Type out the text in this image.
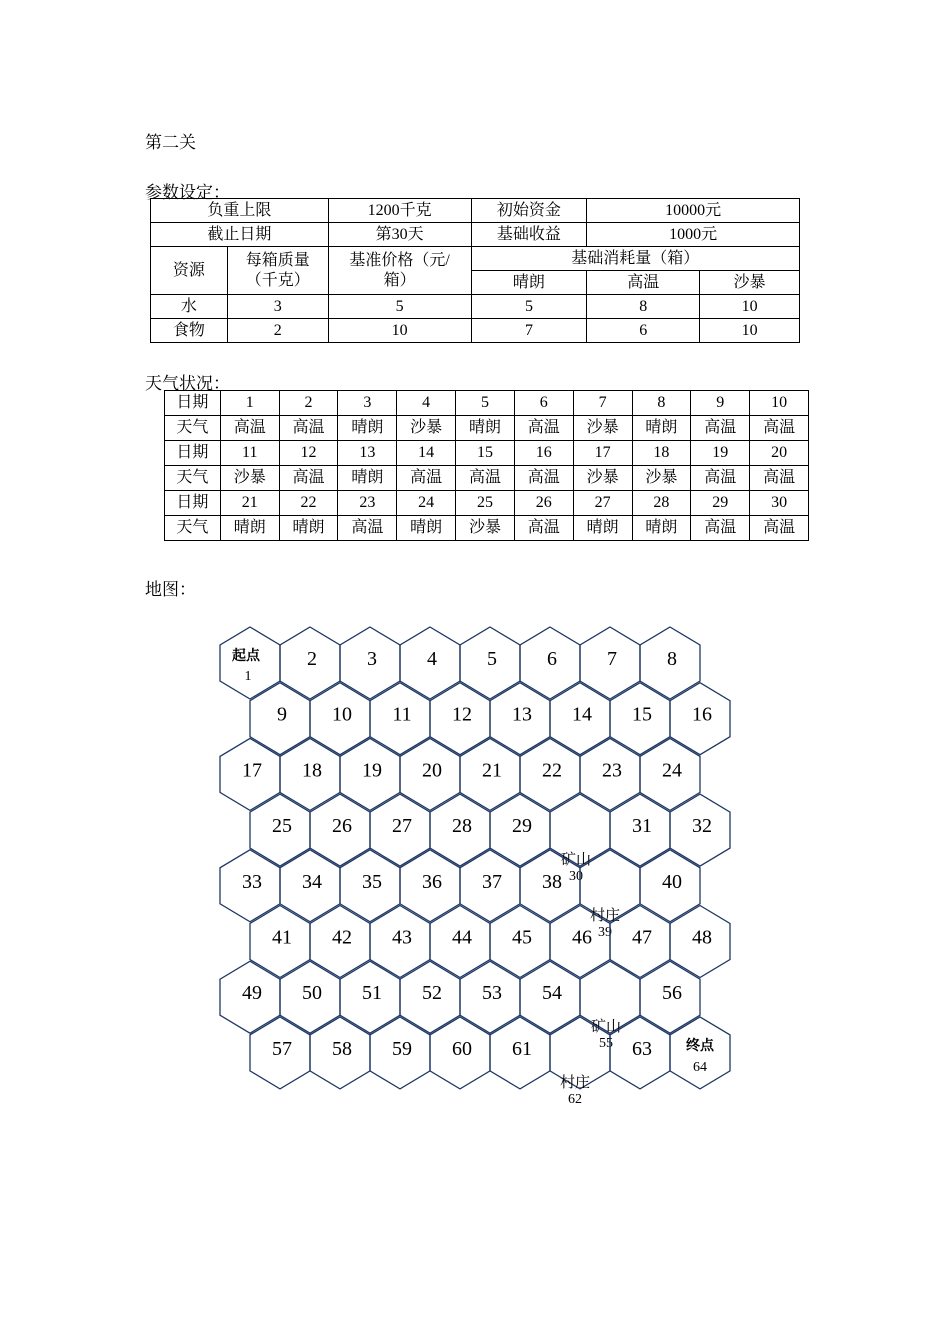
第二关
参数设定：
负重上限		1200千克	初始资金	10000元	
截止日期		第30天	基础收益	1000元	
资源	每箱质量（千克）	基准价格（元/箱）	基础消耗量（箱）		
			晴朗	高温	沙暴
水	3	5	5	8	10
食物	2	10	7	6	10
天气状况：
日期	1	2	3	4	5	6	7	8	9	10
天气	高温	高温	晴朗	沙暴	晴朗	高温	沙暴	晴朗	高温	高温
日期	11	12	13	14	15	16	17	18	19	20
天气	沙暴	高温	晴朗	高温	高温	高温	沙暴	沙暴	高温	高温
日期	21	22	23	24	25	26	27	28	29	30
天气	晴朗	晴朗	高温	晴朗	沙暴	高温	晴朗	晴朗	高温	高温
地图：
起点
1
2	3	4	5	6	7	8
9 10 11 12 13 14 15 16
17 18 19 20 21 22 23 24
25 26 27 28 29
矿山
30
31 32
33 34 35 36 37 38
村庄
39
40
41 42 43 44 45 46 47 48
49 50 51 52 53 54
矿山
55
56
57 58 59 60 61
村庄
62
63 终点
64
